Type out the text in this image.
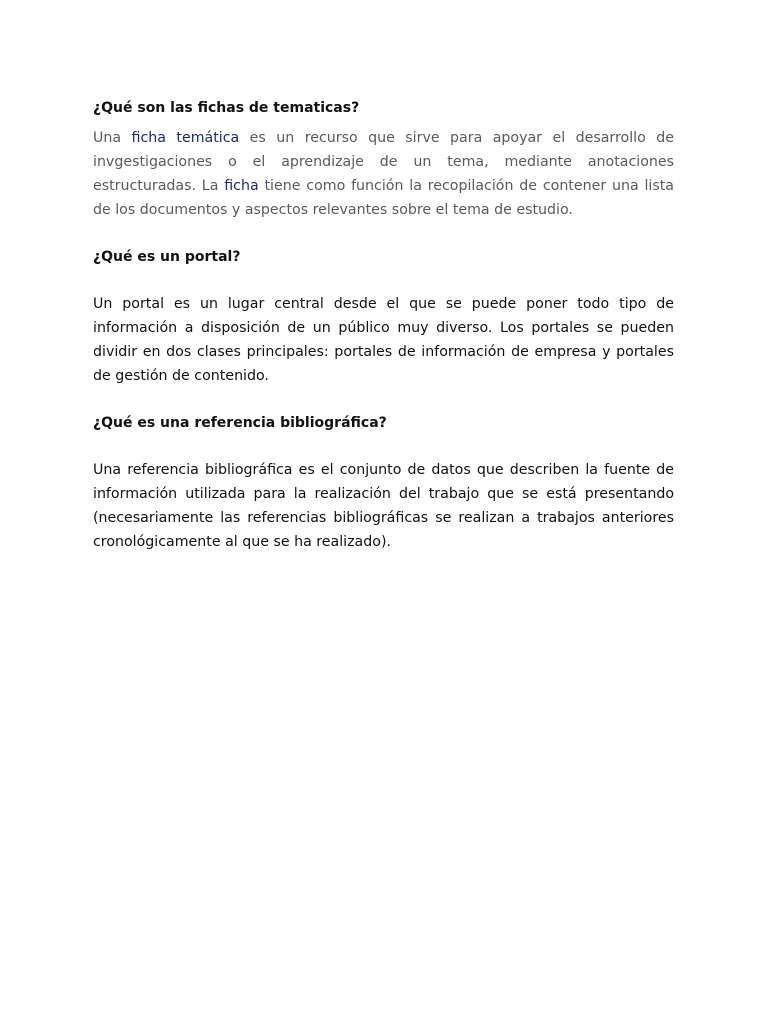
¿Qué son las fichas de tematicas?

Una ficha temática es un recurso que sirve para apoyar el desarrollo de invgestigaciones o el aprendizaje de un tema, mediante anotaciones estructuradas. La ficha tiene como función la recopilación de contener una lista de los documentos y aspectos relevantes sobre el tema de estudio.

¿Qué es un portal?

Un portal es un lugar central desde el que se puede poner todo tipo de información a disposición de un público muy diverso. Los portales se pueden dividir en dos clases principales: portales de información de empresa y portales de gestión de contenido.

¿Qué es una referencia bibliográfica?

Una referencia bibliográfica es el conjunto de datos que describen la fuente de información utilizada para la realización del trabajo que se está presentando (necesariamente las referencias bibliográficas se realizan a trabajos anteriores cronológicamente al que se ha realizado).
